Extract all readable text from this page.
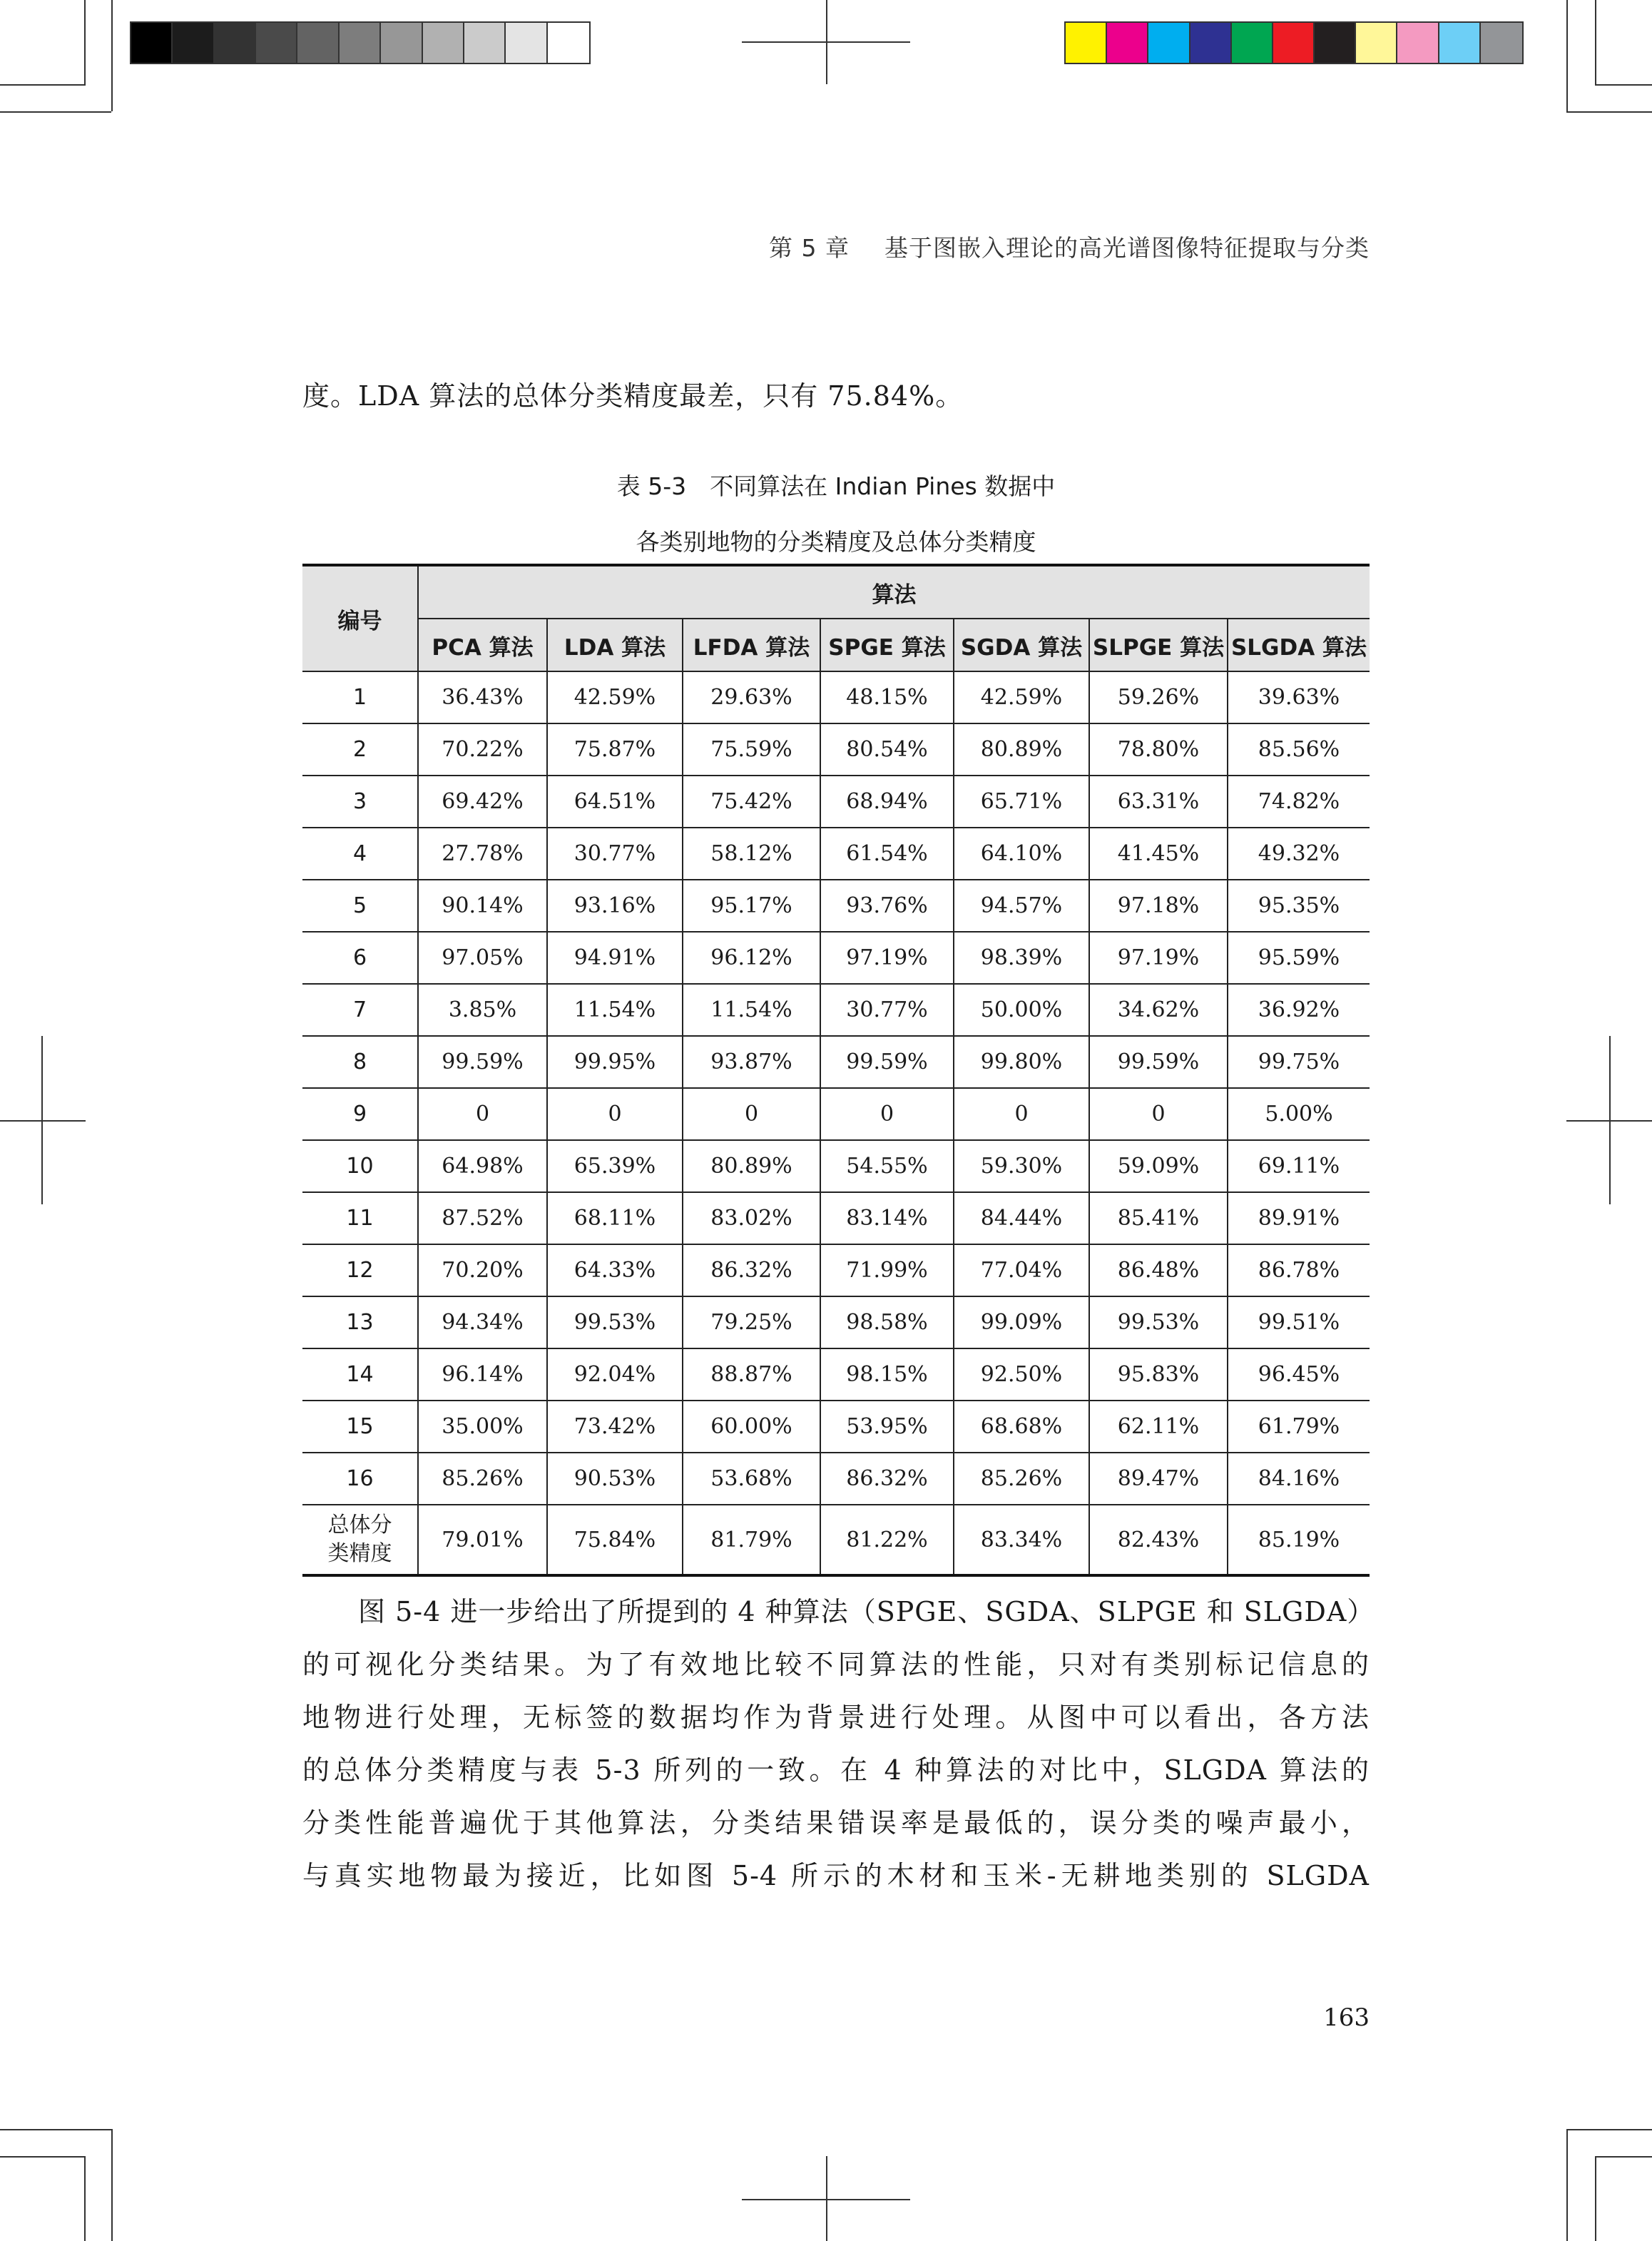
第 5 章 基于图嵌入理论的高光谱图像特征提取与分类

度。LDA 算法的总体分类精度最差，只有 75.84%。

表 5-3　不同算法在 Indian Pines 数据中
各类别地物的分类精度及总体分类精度
编号	算法						
	PCA 算法	LDA 算法	LFDA 算法	SPGE 算法	SGDA 算法	SLPGE 算法	SLGDA 算法
1	36.43%	42.59%	29.63%	48.15%	42.59%	59.26%	39.63%
2	70.22%	75.87%	75.59%	80.54%	80.89%	78.80%	85.56%
3	69.42%	64.51%	75.42%	68.94%	65.71%	63.31%	74.82%
4	27.78%	30.77%	58.12%	61.54%	64.10%	41.45%	49.32%
5	90.14%	93.16%	95.17%	93.76%	94.57%	97.18%	95.35%
6	97.05%	94.91%	96.12%	97.19%	98.39%	97.19%	95.59%
7	3.85%	11.54%	11.54%	30.77%	50.00%	34.62%	36.92%
8	99.59%	99.95%	93.87%	99.59%	99.80%	99.59%	99.75%
9	0	0	0	0	0	0	5.00%
10	64.98%	65.39%	80.89%	54.55%	59.30%	59.09%	69.11%
11	87.52%	68.11%	83.02%	83.14%	84.44%	85.41%	89.91%
12	70.20%	64.33%	86.32%	71.99%	77.04%	86.48%	86.78%
13	94.34%	99.53%	79.25%	98.58%	99.09%	99.53%	99.51%
14	96.14%	92.04%	88.87%	98.15%	92.50%	95.83%	96.45%
15	35.00%	73.42%	60.00%	53.95%	68.68%	62.11%	61.79%
16	85.26%	90.53%	53.68%	86.32%	85.26%	89.47%	84.16%

总体分
类精度	79.01%	75.84%	81.79%	81.22%	83.34%	82.43%	85.19%

　　图 5-4 进一步给出了所提到的 4 种算法（SPGE、SGDA、SLPGE 和 SLGDA）

的可视化分类结果。为了有效地比较不同算法的性能，只对有类别标记信息的

地物进行处理，无标签的数据均作为背景进行处理。从图中可以看出，各方法

的总体分类精度与表 5-3 所列的一致。在 4 种算法的对比中，SLGDA 算法的

分类性能普遍优于其他算法，分类结果错误率是最低的，误分类的噪声最小，

与真实地物最为接近，比如图 5-4 所示的木材和玉米-无耕地类别的 SLGDA

163
